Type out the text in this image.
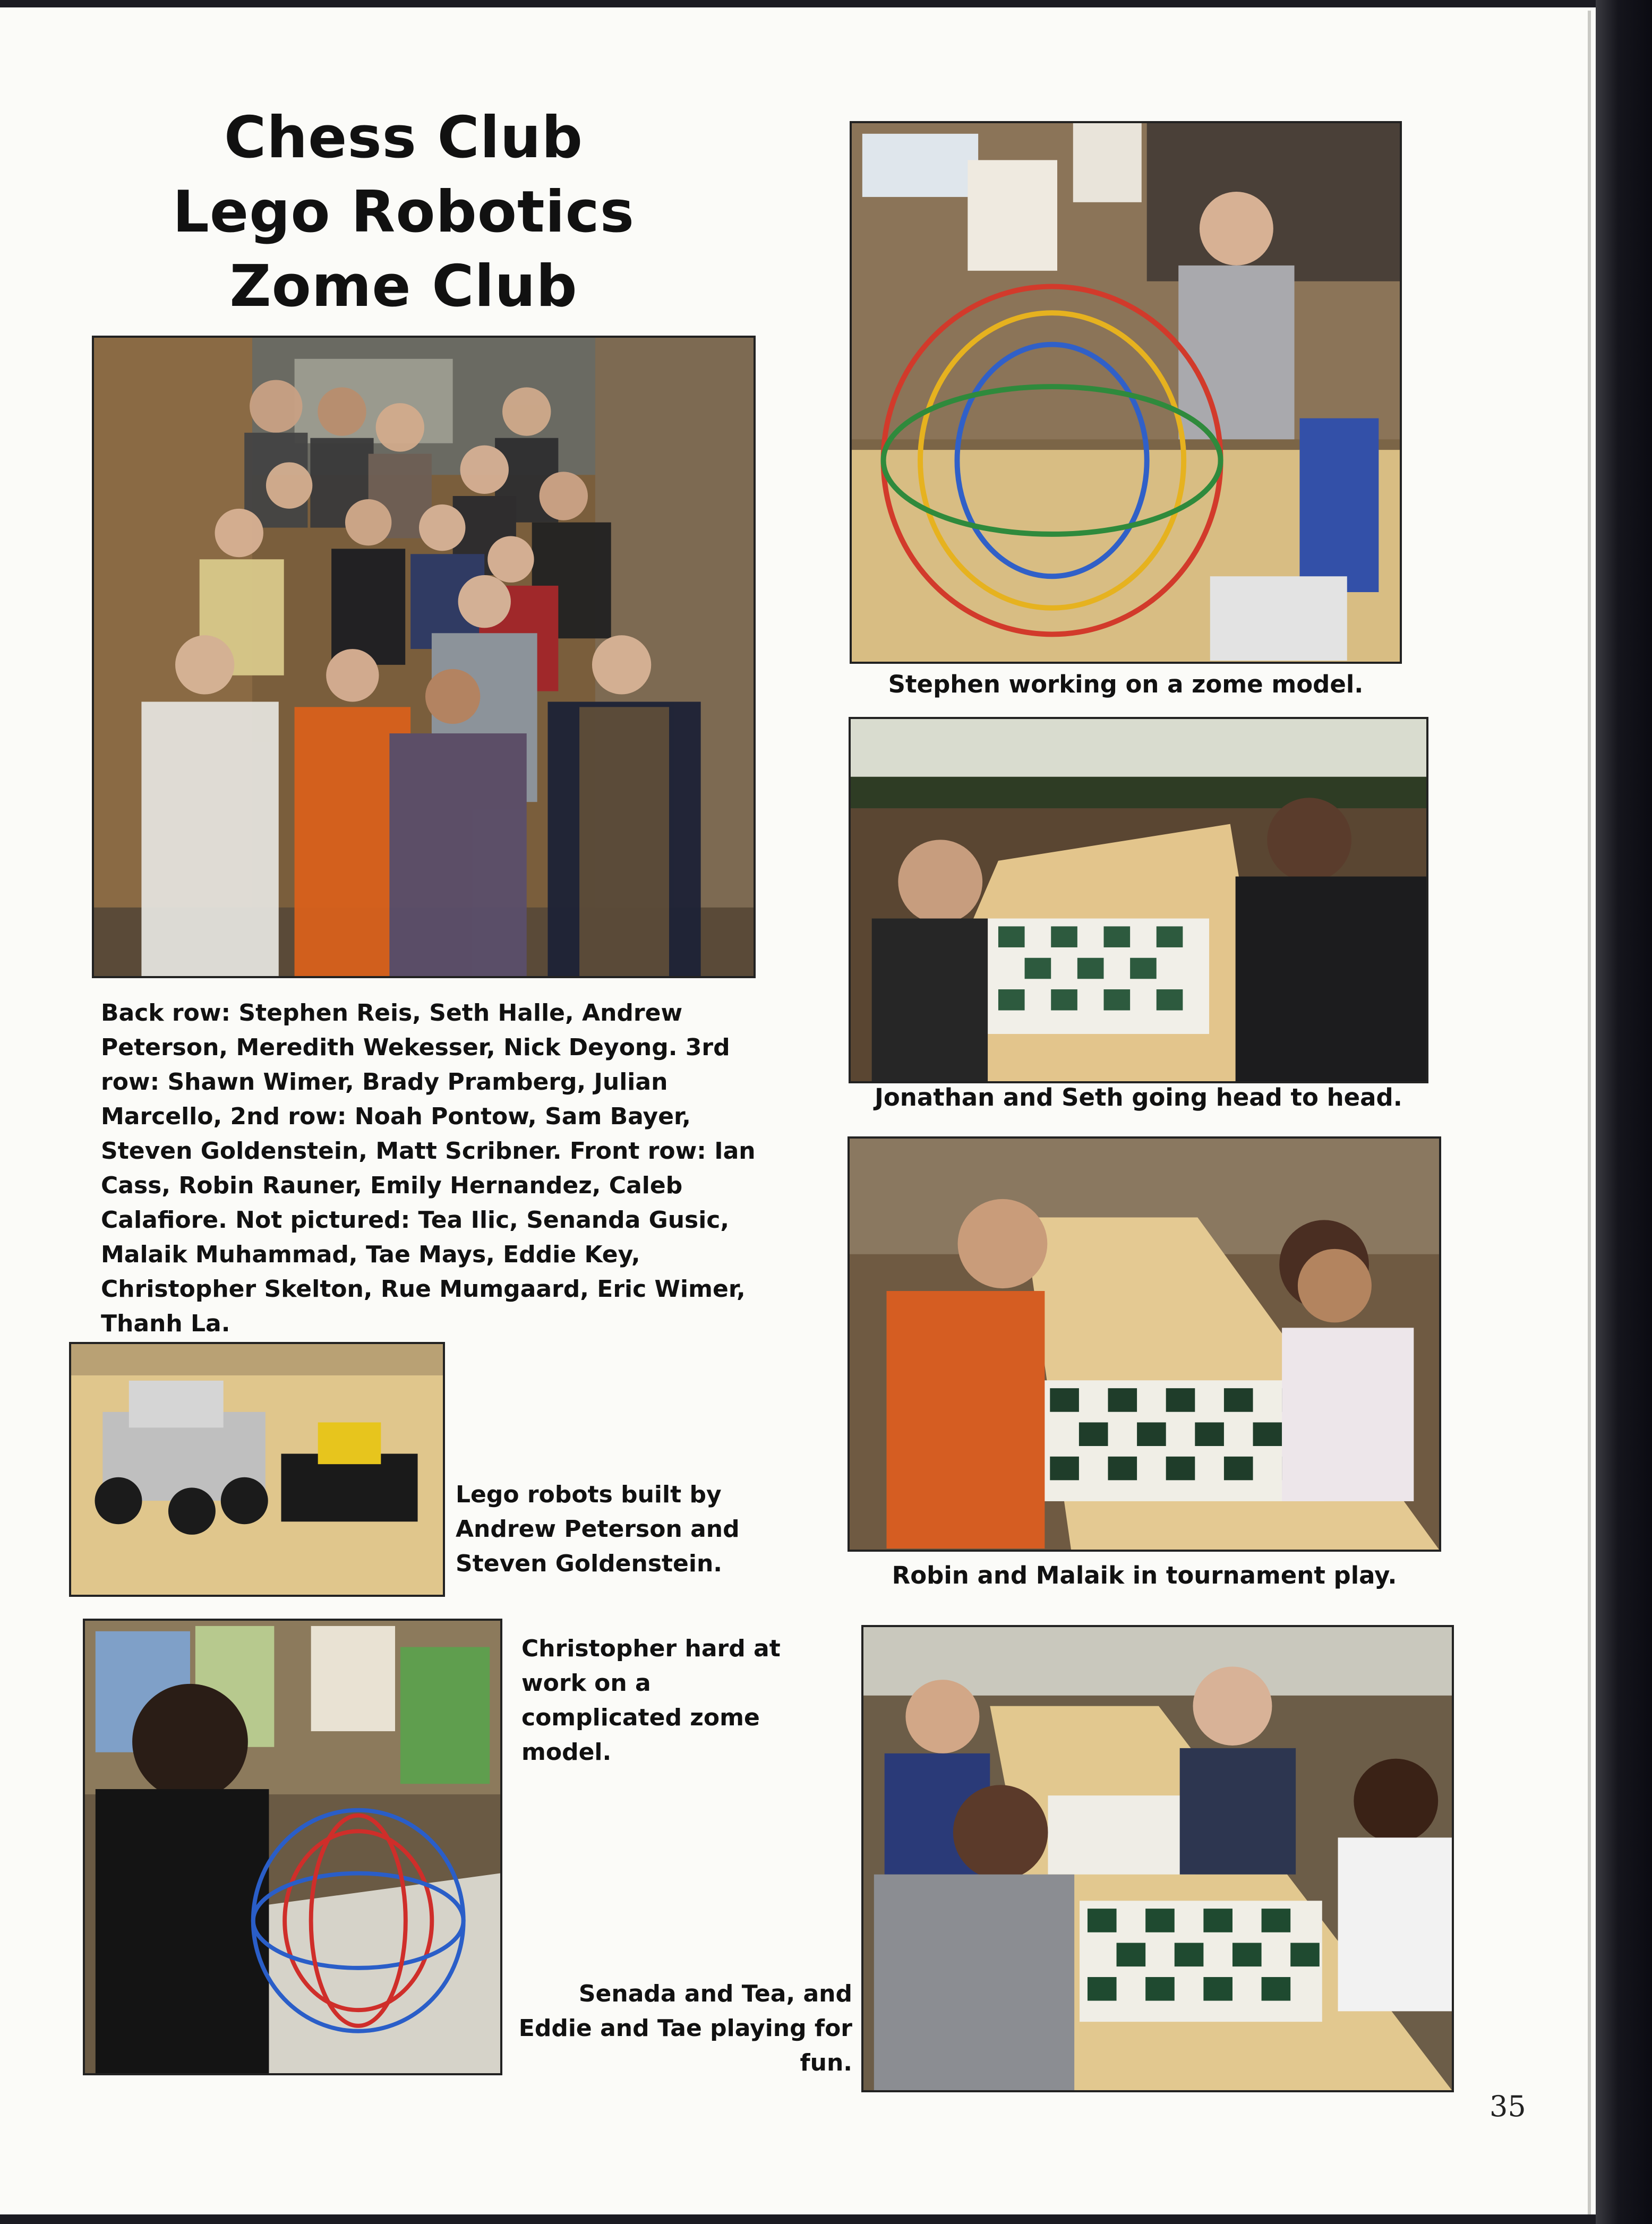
Chess Club
Lego Robotics
Zome Club
Back row: Stephen Reis, Seth Halle, Andrew Peterson, Meredith Wekesser, Nick Deyong. 3rd row: Shawn Wimer, Brady Pramberg, Julian Marcello, 2nd row: Noah Pontow, Sam Bayer, Steven Goldenstein, Matt Scribner. Front row: Ian Cass, Robin Rauner, Emily Hernandez, Caleb Calafiore. Not pictured: Tea Ilic, Senanda Gusic, Malaik Muhammad, Tae Mays, Eddie Key, Christopher Skelton, Rue Mumgaard, Eric Wimer, Thanh La.
Stephen working on a zome model.
Jonathan and Seth going head to head.
Robin and Malaik in tournament play.
Lego robots built by Andrew Peterson and Steven Goldenstein.
Christopher hard at work on a complicated zome model.
Senada and Tea, and Eddie and Tae playing for fun.
35
